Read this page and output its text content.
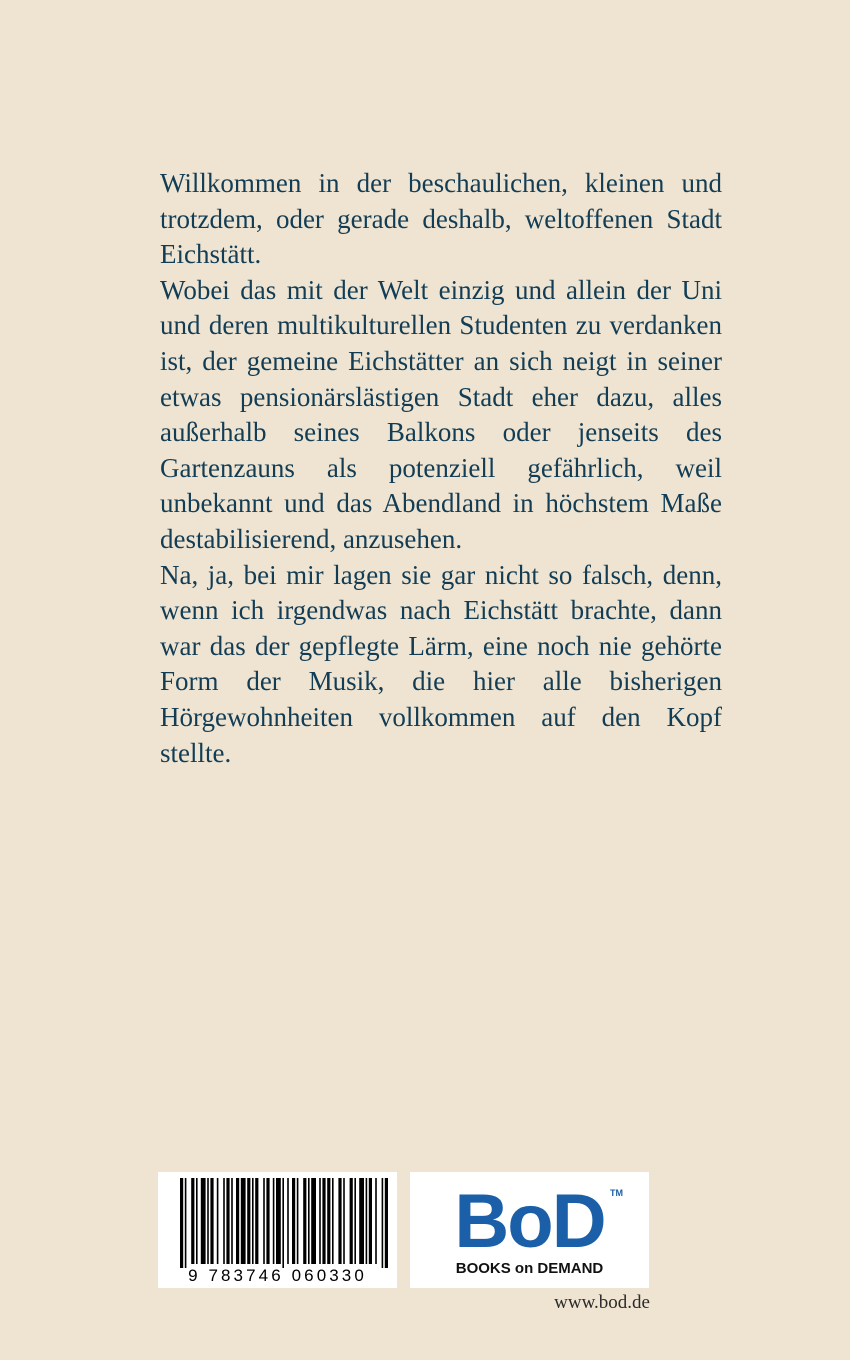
Willkommen in der beschaulichen, kleinen und trotzdem, oder gerade deshalb, weltoffenen Stadt Eichstätt.

Wobei das mit der Welt einzig und allein der Uni und deren multikulturellen Studenten zu verdanken ist, der gemeine Eichstätter an sich neigt in seiner etwas pensionärslästigen Stadt eher dazu, alles außerhalb seines Balkons oder jenseits des Gartenzauns als potenziell gefährlich, weil unbekannt und das Abendland in höchstem Maße destabilisierend, anzusehen.

Na, ja, bei mir lagen sie gar nicht so falsch, denn, wenn ich irgendwas nach Eichstätt brachte, dann war das der gepflegte Lärm, eine noch nie gehörte Form der Musik, die hier alle bisherigen Hörgewohnheiten vollkommen auf den Kopf stellte.

9 783746 060330
BoD TM
BOOKS on DEMAND
www.bod.de
